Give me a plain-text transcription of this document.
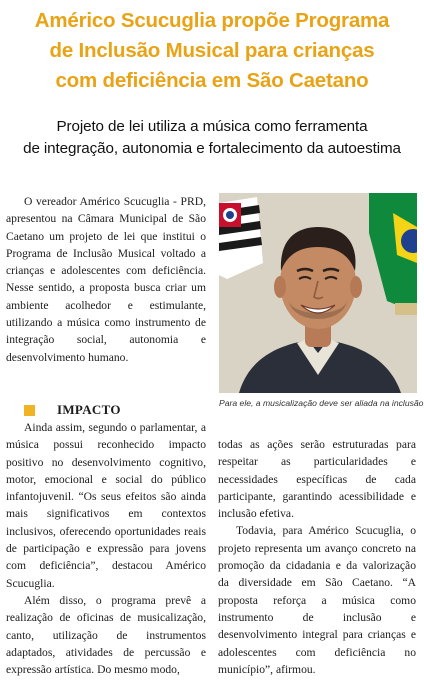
Américo Scucuglia propõe Programa
de Inclusão Musical para crianças
com deficiência em São Caetano
Projeto de lei utiliza a música como ferramenta
de integração, autonomia e fortalecimento da autoestima

O vereador Américo Scucuglia - PRD, apresentou na Câmara Municipal de São Caetano um projeto de lei que institui o Programa de Inclusão Musical voltado a crianças e adolescentes com deficiência. Nesse sentido, a proposta busca criar um ambiente acolhedor e estimulante, utilizando a música como instrumento de integração social, autonomia e desenvolvimento humano.

IMPACTO

Ainda assim, segundo o parlamentar, a música possui reconhecido impacto positivo no desenvolvimento cognitivo, motor, emocional e social do público infantojuvenil. “Os seus efeitos são ainda mais significativos em contextos inclusivos, oferecendo oportunidades reais de participação e expressão para jovens com deficiência”, destacou Américo Scucuglia.

Além disso, o programa prevê a realização de oficinas de musicalização, canto, utilização de instrumentos adaptados, atividades de percussão e expressão artística. Do mesmo modo,

Para ele, a musicalização deve ser aliada na inclusão

todas as ações serão estruturadas para respeitar as particularidades e necessidades específicas de cada participante, garantindo acessibilidade e inclusão efetiva.

Todavia, para Américo Scucuglia, o projeto representa um avanço concreto na promoção da cidadania e da valorização da diversidade em São Caetano. “A proposta reforça a música como instrumento de inclusão e desenvolvimento integral para crianças e adolescentes com deficiência no município”, afirmou.
